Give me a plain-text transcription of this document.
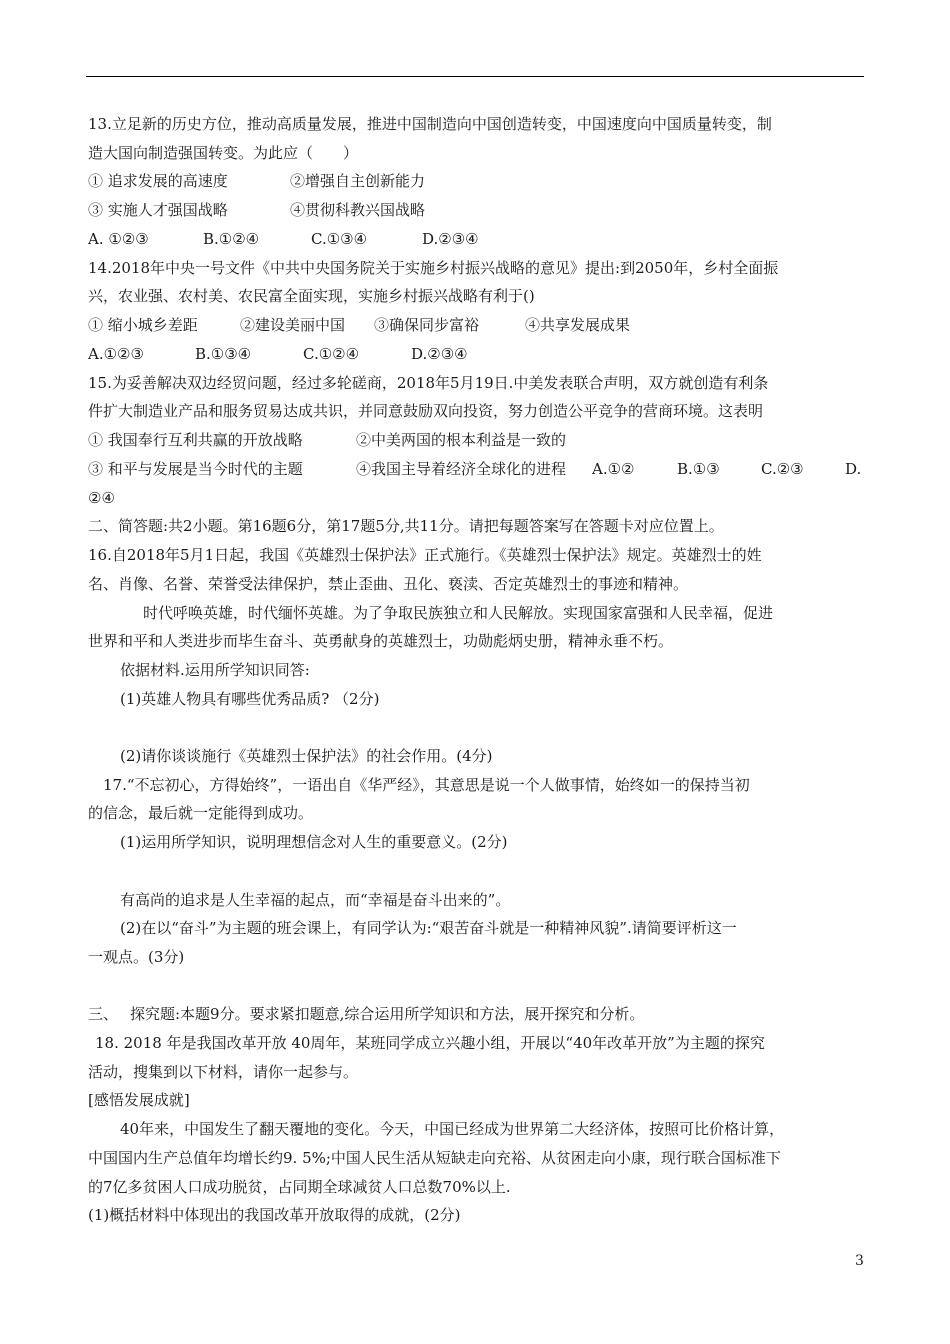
13.立足新的历史方位，推动高质量发展，推进中国制造向中国创造转变，中国速度向中国质量转变，制
造大国向制造强国转变。为此应（　　）
① 追求发展的高速度	②增强自主创新能力
③ 实施人才强国战略	④贯彻科教兴国战略
A. ①②③	B.①②④	C.①③④	D.②③④
14.2018年中央一号文件《中共中央国务院关于实施乡村振兴战略的意见》提出:到2050年，乡村全面振
兴，农业强、农村美、农民富全面实现，实施乡村振兴战略有利于()
① 缩小城乡差距	②建设美丽中国 ③确保同步富裕	④共享发展成果
A.①②③	B.①③④	C.①②④	D.②③④
15.为妥善解决双边经贸问题，经过多轮磋商，2018年5月19日.中美发表联合声明，双方就创造有利条
件扩大制造业产品和服务贸易达成共识，并同意鼓励双向投资，努力创造公平竞争的营商环境。这表明
① 我国奉行互利共赢的开放战略	②中美两国的根本利益是一致的
③ 和平与发展是当今时代的主题	④我国主导着经济全球化的进程 A.①②	B.①③	C.②③	D.
②④
二、简答题:共2小题。第16题6分，第17题5分,共11分。请把每题答案写在答题卡对应位置上。
16.自2018年5月1日起，我国《英雄烈士保护法》正式施行。《英雄烈士保护法》规定。英雄烈士的姓
名、肖像、名誉、荣誉受法律保护，禁止歪曲、丑化、亵渎、否定英雄烈士的事迹和精神。
时代呼唤英雄，时代缅怀英雄。为了争取民族独立和人民解放。实现国家富强和人民幸福，促进
世界和平和人类进步而毕生奋斗、英勇献身的英雄烈士，功勋彪炳史册，精神永垂不朽。
依据材料.运用所学知识同答:
(1)英雄人物具有哪些优秀品质? （2分)
(2)请你谈谈施行《英雄烈士保护法》的社会作用。(4分)
17.“不忘初心，方得始终”，一语出自《华严经》，其意思是说一个人做事情，始终如一的保持当初
的信念，最后就一定能得到成功。
(1)运用所学知识，说明理想信念对人生的重要意义。(2分)
有高尚的追求是人生幸福的起点，而“幸福是奋斗出来的”。
(2)在以“奋斗”为主题的班会课上，有同学认为:“艰苦奋斗就是一种精神风貌”.请简要评析这一
一观点。(3分)
三、 探究题:本题9分。要求紧扣题意,综合运用所学知识和方法，展开探究和分析。
18. 2018 年是我国改革开放 40周年，某班同学成立兴趣小组，开展以“40年改革开放”为主题的探究
活动，搜集到以下材料，请你一起参与。
[感悟发展成就]
40年来，中国发生了翻天覆地的变化。今天，中国已经成为世界第二大经济体，按照可比价格计算，
中国国内生产总值年均增长约9. 5%;中国人民生活从短缺走向充裕、从贫困走向小康，现行联合国标准下
的7亿多贫困人口成功脱贫，占同期全球减贫人口总数70%以上.
(1)概括材料中体现出的我国改革开放取得的成就，(2分)
3
